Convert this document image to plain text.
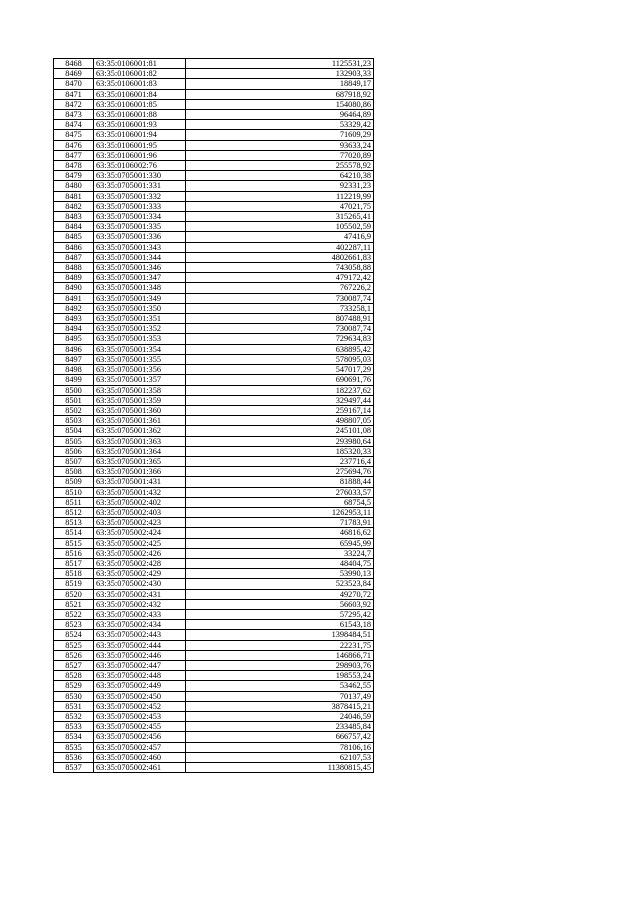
8468	63:35:0106001:81	1125531,23
8469	63:35:0106001:82	132903,33
8470	63:35:0106001:83	18849,17
8471	63:35:0106001:84	687918,92
8472	63:35:0106001:85	154080,86
8473	63:35:0106001:88	96464,89
8474	63:35:0106001:93	53329,42
8475	63:35:0106001:94	71609,29
8476	63:35:0106001:95	93633,24
8477	63:35:0106001:96	77020,89
8478	63:35:0106002:76	255578,92
8479	63:35:0705001:330	64210,38
8480	63:35:0705001:331	92331,23
8481	63:35:0705001:332	112219,99
8482	63:35:0705001:333	47021,75
8483	63:35:0705001:334	315265,41
8484	63:35:0705001:335	105502,59
8485	63:35:0705001:336	47416,9
8486	63:35:0705001:343	402287,11
8487	63:35:0705001:344	4802661,83
8488	63:35:0705001:346	743058,88
8489	63:35:0705001:347	479172,42
8490	63:35:0705001:348	767226,2
8491	63:35:0705001:349	730087,74
8492	63:35:0705001:350	733258,1
8493	63:35:0705001:351	807488,91
8494	63:35:0705001:352	730087,74
8495	63:35:0705001:353	729634,83
8496	63:35:0705001:354	638895,42
8497	63:35:0705001:355	578095,03
8498	63:35:0705001:356	547017,29
8499	63:35:0705001:357	690691,76
8500	63:35:0705001:358	182237,62
8501	63:35:0705001:359	329497,44
8502	63:35:0705001:360	259167,14
8503	63:35:0705001:361	498807,05
8504	63:35:0705001:362	245101,08
8505	63:35:0705001:363	293980,64
8506	63:35:0705001:364	185320,33
8507	63:35:0705001:365	237716,4
8508	63:35:0705001:366	275694,76
8509	63:35:0705001:431	81888,44
8510	63:35:0705001:432	276033,57
8511	63:35:0705002:402	68754,5
8512	63:35:0705002:403	1262953,11
8513	63:35:0705002:423	71783,91
8514	63:35:0705002:424	46816,62
8515	63:35:0705002:425	65945,99
8516	63:35:0705002:426	33224,7
8517	63:35:0705002:428	48404,75
8518	63:35:0705002:429	53990,13
8519	63:35:0705002:430	523523,84
8520	63:35:0705002:431	49270,72
8521	63:35:0705002:432	56603,92
8522	63:35:0705002:433	57295,42
8523	63:35:0705002:434	61543,18
8524	63:35:0705002:443	1398484,51
8525	63:35:0705002:444	22231,75
8526	63:35:0705002:446	146866,71
8527	63:35:0705002:447	298903,76
8528	63:35:0705002:448	198553,24
8529	63:35:0705002:449	53462,55
8530	63:35:0705002:450	70137,49
8531	63:35:0705002:452	3878415,21
8532	63:35:0705002:453	24046,59
8533	63:35:0705002:455	233485,84
8534	63:35:0705002:456	666757,42
8535	63:35:0705002:457	78106,16
8536	63:35:0705002:460	62107,53
8537	63:35:0705002:461	11380815,45
